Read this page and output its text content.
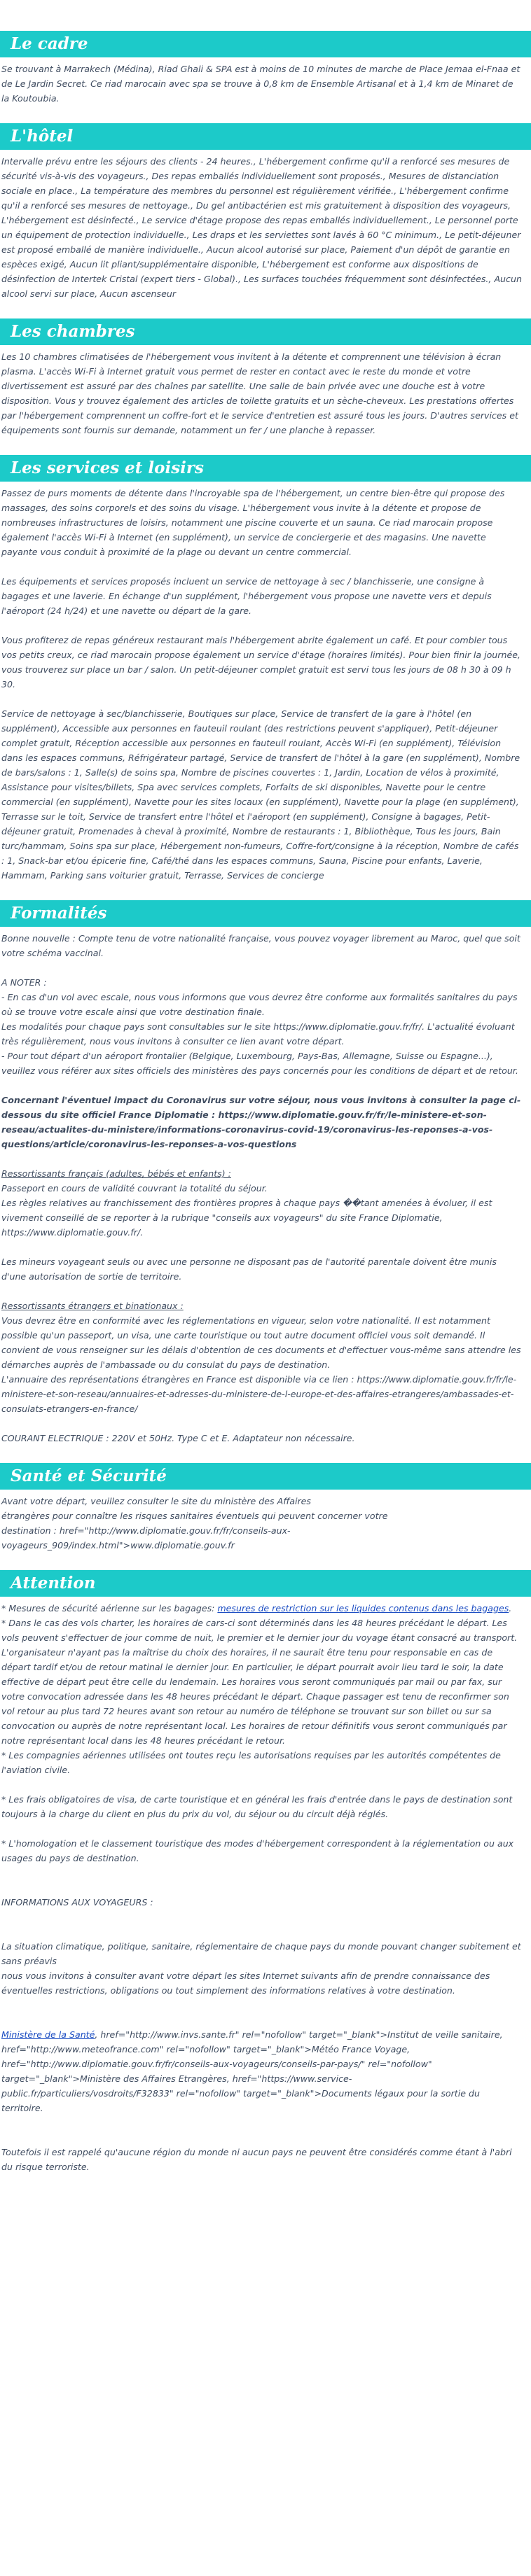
Le cadre

Se trouvant à Marrakech (Médina), Riad Ghali & SPA est à moins de 10 minutes de marche de Place Jemaa el-Fnaa et de Le Jardin Secret. Ce riad marocain avec spa se trouve à 0,8 km de Ensemble Artisanal et à 1,4 km de Minaret de la Koutoubia.

L'hôtel

Intervalle prévu entre les séjours des clients - 24 heures., L'hébergement confirme qu'il a renforcé ses mesures de sécurité vis-à-vis des voyageurs., Des repas emballés individuellement sont proposés., Mesures de distanciation sociale en place., La température des membres du personnel est régulièrement vérifiée., L'hébergement confirme qu'il a renforcé ses mesures de nettoyage., Du gel antibactérien est mis gratuitement à disposition des voyageurs, L'hébergement est désinfecté., Le service d'étage propose des repas emballés individuellement., Le personnel porte un équipement de protection individuelle., Les draps et les serviettes sont lavés à 60 °C minimum., Le petit-déjeuner est proposé emballé de manière individuelle., Aucun alcool autorisé sur place, Paiement d'un dépôt de garantie en espèces exigé, Aucun lit pliant/supplémentaire disponible, L'hébergement est conforme aux dispositions de désinfection de Intertek Cristal (expert tiers - Global)., Les surfaces touchées fréquemment sont désinfectées., Aucun alcool servi sur place, Aucun ascenseur

Les chambres

Les 10 chambres climatisées de l'hébergement vous invitent à la détente et comprennent une télévision à écran plasma. L'accès Wi-Fi à Internet gratuit vous permet de rester en contact avec le reste du monde et votre divertissement est assuré par des chaînes par satellite. Une salle de bain privée avec une douche est à votre disposition. Vous y trouvez également des articles de toilette gratuits et un sèche-cheveux. Les prestations offertes par l'hébergement comprennent un coffre-fort et le service d'entretien est assuré tous les jours. D'autres services et équipements sont fournis sur demande, notamment un fer / une planche à repasser.

Les services et loisirs

Passez de purs moments de détente dans l'incroyable spa de l'hébergement, un centre bien-être qui propose des massages, des soins corporels et des soins du visage. L'hébergement vous invite à la détente et propose de nombreuses infrastructures de loisirs, notamment une piscine couverte et un sauna. Ce riad marocain propose également l'accès Wi-Fi à Internet (en supplément), un service de conciergerie et des magasins. Une navette payante vous conduit à proximité de la plage ou devant un centre commercial.

Les équipements et services proposés incluent un service de nettoyage à sec / blanchisserie, une consigne à bagages et une laverie. En échange d'un supplément, l'hébergement vous propose une navette vers et depuis l'aéroport (24 h/24) et une navette ou départ de la gare.

Vous profiterez de repas généreux restaurant mais l'hébergement abrite également un café. Et pour combler tous vos petits creux, ce riad marocain propose également un service d'étage (horaires limités). Pour bien finir la journée, vous trouverez sur place un bar / salon. Un petit-déjeuner complet gratuit est servi tous les jours de 08 h 30 à 09 h 30.

Service de nettoyage à sec/blanchisserie, Boutiques sur place, Service de transfert de la gare à l'hôtel (en supplément), Accessible aux personnes en fauteuil roulant (des restrictions peuvent s'appliquer), Petit-déjeuner complet gratuit, Réception accessible aux personnes en fauteuil roulant, Accès Wi-Fi (en supplément), Télévision dans les espaces communs, Réfrigérateur partagé, Service de transfert de l'hôtel à la gare (en supplément), Nombre de bars/salons : 1, Salle(s) de soins spa, Nombre de piscines couvertes : 1, Jardin, Location de vélos à proximité, Assistance pour visites/billets, Spa avec services complets, Forfaits de ski disponibles, Navette pour le centre commercial (en supplément), Navette pour les sites locaux (en supplément), Navette pour la plage (en supplément), Terrasse sur le toit, Service de transfert entre l'hôtel et l'aéroport (en supplément), Consigne à bagages, Petit-déjeuner gratuit, Promenades à cheval à proximité, Nombre de restaurants : 1, Bibliothèque, Tous les jours, Bain turc/hammam, Soins spa sur place, Hébergement non-fumeurs, Coffre-fort/consigne à la réception, Nombre de cafés : 1, Snack-bar et/ou épicerie fine, Café/thé dans les espaces communs, Sauna, Piscine pour enfants, Laverie, Hammam, Parking sans voiturier gratuit, Terrasse, Services de concierge

Formalités

Bonne nouvelle : Compte tenu de votre nationalité française, vous pouvez voyager librement au Maroc, quel que soit votre schéma vaccinal.

A NOTER :

- En cas d'un vol avec escale, nous vous informons que vous devrez être conforme aux formalités sanitaires du pays où se trouve votre escale ainsi que votre destination finale.

Les modalités pour chaque pays sont consultables sur le site https://www.diplomatie.gouv.fr/fr/. L'actualité évoluant très régulièrement, nous vous invitons à consulter ce lien avant votre départ.

- Pour tout départ d'un aéroport frontalier (Belgique, Luxembourg, Pays-Bas, Allemagne, Suisse ou Espagne...), veuillez vous référer aux sites officiels des ministères des pays concernés pour les conditions de départ et de retour.

Concernant l'éventuel impact du Coronavirus sur votre séjour, nous vous invitons à consulter la page ci-dessous du site officiel France Diplomatie : https://www.diplomatie.gouv.fr/fr/le-ministere-et-son-reseau/actualites-du-ministere/informations-coronavirus-covid-19/coronavirus-les-reponses-a-vos-questions/article/coronavirus-les-reponses-a-vos-questions

Ressortissants français (adultes, bébés et enfants) :

Passeport en cours de validité couvrant la totalité du séjour.

Les règles relatives au franchissement des frontières propres à chaque pays ��tant amenées à évoluer, il est vivement conseillé de se reporter à la rubrique "conseils aux voyageurs" du site France Diplomatie,

https://www.diplomatie.gouv.fr/.

Les mineurs voyageant seuls ou avec une personne ne disposant pas de l'autorité parentale doivent être munis d'une autorisation de sortie de territoire.

Ressortissants étrangers et binationaux :

Vous devrez être en conformité avec les réglementations en vigueur, selon votre nationalité. Il est notamment possible qu'un passeport, un visa, une carte touristique ou tout autre document officiel vous soit demandé. Il convient de vous renseigner sur les délais d'obtention de ces documents et d'effectuer vous-même sans attendre les démarches auprès de l'ambassade ou du consulat du pays de destination.

L'annuaire des représentations étrangères en France est disponible via ce lien : https://www.diplomatie.gouv.fr/fr/le-ministere-et-son-reseau/annuaires-et-adresses-du-ministere-de-l-europe-et-des-affaires-etrangeres/ambassades-et-consulats-etrangers-en-france/

COURANT ELECTRIQUE : 220V et 50Hz. Type C et E. Adaptateur non nécessaire.

Santé et Sécurité

Avant votre départ, veuillez consulter le site du ministère des Affaires

étrangères pour connaître les risques sanitaires éventuels qui peuvent concerner votre

destination : href="http://www.diplomatie.gouv.fr/fr/conseils-aux-voyageurs_909/index.html">www.diplomatie.gouv.fr

Attention

* Mesures de sécurité aérienne sur les bagages: mesures de restriction sur les liquides contenus dans les bagages.

* Dans le cas des vols charter, les horaires de cars-ci sont déterminés dans les 48 heures précédant le départ. Les vols peuvent s'effectuer de jour comme de nuit, le premier et le dernier jour du voyage étant consacré au transport. L'organisateur n'ayant pas la maîtrise du choix des horaires, il ne saurait être tenu pour responsable en cas de départ tardif et/ou de retour matinal le dernier jour. En particulier, le départ pourrait avoir lieu tard le soir, la date effective de départ peut être celle du lendemain. Les horaires vous seront communiqués par mail ou par fax, sur votre convocation adressée dans les 48 heures précédant le départ. Chaque passager est tenu de reconfirmer son vol retour au plus tard 72 heures avant son retour au numéro de téléphone se trouvant sur son billet ou sur sa convocation ou auprès de notre représentant local. Les horaires de retour définitifs vous seront communiqués par notre représentant local dans les 48 heures précédant le retour.

* Les compagnies aériennes utilisées ont toutes reçu les autorisations requises par les autorités compétentes de l'aviation civile.

* Les frais obligatoires de visa, de carte touristique et en général les frais d'entrée dans le pays de destination sont toujours à la charge du client en plus du prix du vol, du séjour ou du circuit déjà réglés.

* L'homologation et le classement touristique des modes d'hébergement correspondent à la réglementation ou aux usages du pays de destination.

INFORMATIONS AUX VOYAGEURS :

La situation climatique, politique, sanitaire, réglementaire de chaque pays du monde pouvant changer subitement et sans préavis

nous vous invitons à consulter avant votre départ les sites Internet suivants afin de prendre connaissance des éventuelles restrictions, obligations ou tout simplement des informations relatives à votre destination.

Ministère de la Santé, href="http://www.invs.sante.fr" rel="nofollow" target="_blank">Institut de veille sanitaire, href="http://www.meteofrance.com" rel="nofollow" target="_blank">Météo France Voyage, href="http://www.diplomatie.gouv.fr/fr/conseils-aux-voyageurs/conseils-par-pays/" rel="nofollow" target="_blank">Ministère des Affaires Etrangères, href="https://www.service-public.fr/particuliers/vosdroits/F32833" rel="nofollow" target="_blank">Documents légaux pour la sortie du territoire.

Toutefois il est rappelé qu'aucune région du monde ni aucun pays ne peuvent être considérés comme étant à l'abri du risque terroriste.
